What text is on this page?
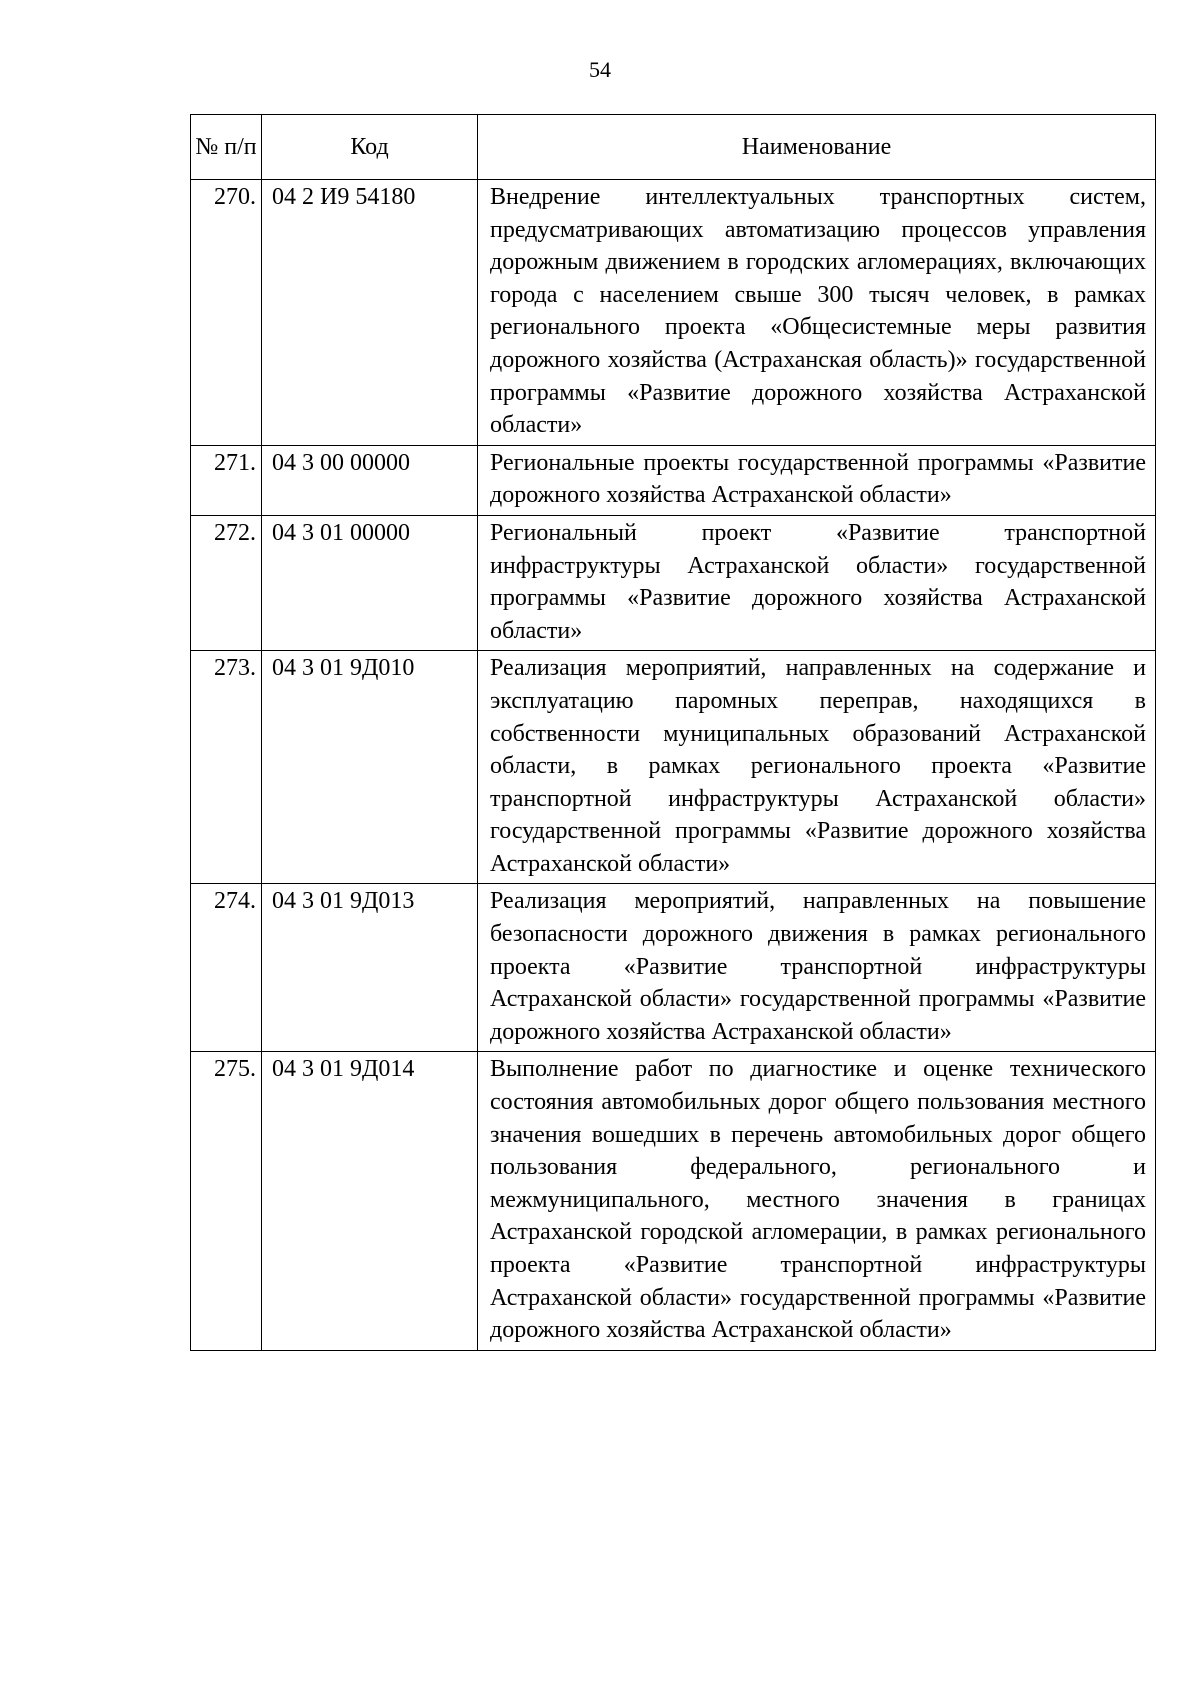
54
№ п/п	Код	Наименование
270.	04 2 И9 54180	Внедрение интеллектуальных транспортных систем, предусматривающих автоматизацию процессов управления дорожным движением в городских агломерациях, включающих города с населением свыше 300 тысяч человек, в рамках регионального проекта «Общесистемные меры развития дорожного хозяйства (Астраханская область)» государственной программы «Развитие дорожного хозяйства Астраханской области»
271.	04 3 00 00000	Региональные проекты государственной программы «Развитие дорожного хозяйства Астраханской области»
272.	04 3 01 00000	Региональный проект «Развитие транспортной инфраструктуры Астраханской области» государственной программы «Развитие дорожного хозяйства Астраханской области»
273.	04 3 01 9Д010	Реализация мероприятий, направленных на содержание и эксплуатацию паромных переправ, находящихся в собственности муниципальных образований Астраханской области, в рамках регионального проекта «Развитие транспортной инфраструктуры Астраханской области» государственной программы «Развитие дорожного хозяйства Астраханской области»
274.	04 3 01 9Д013	Реализация мероприятий, направленных на повышение безопасности дорожного движения в рамках регионального проекта «Развитие транспортной инфраструктуры Астраханской области» государственной программы «Развитие дорожного хозяйства Астраханской области»
275.	04 3 01 9Д014	Выполнение работ по диагностике и оценке технического состояния автомобильных дорог общего пользования местного значения вошедших в перечень автомобильных дорог общего пользования федерального, регионального и межмуниципального, местного значения в границах Астраханской городской агломерации, в рамках регионального проекта «Развитие транспортной инфраструктуры Астраханской области» государственной программы «Развитие дорожного хозяйства Астраханской области»
